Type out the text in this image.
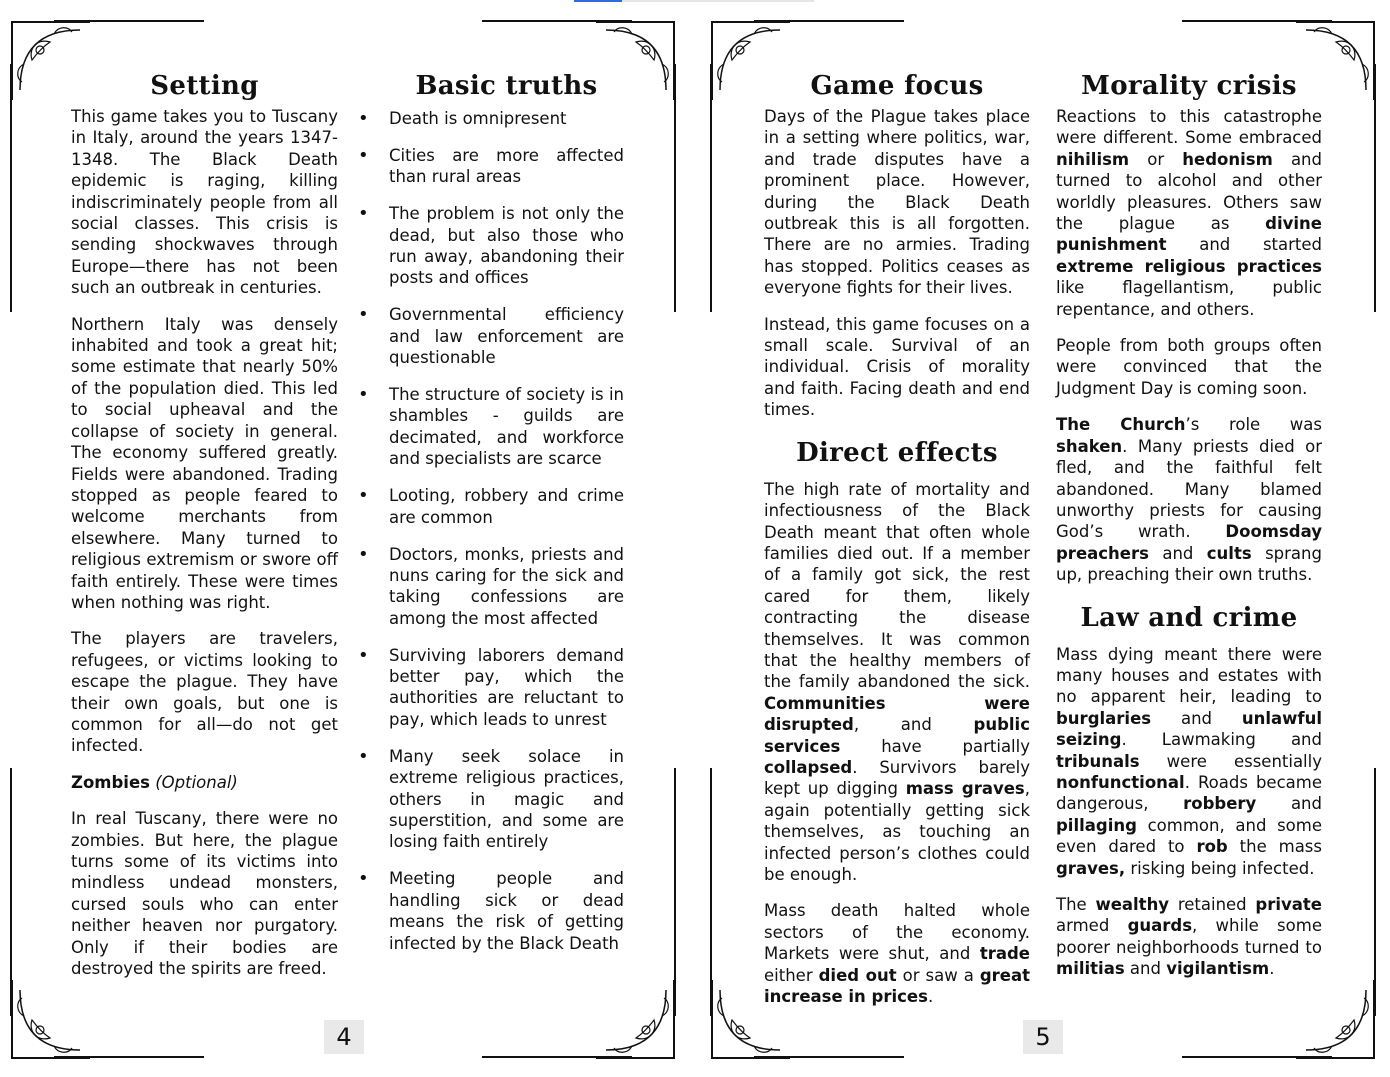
Setting

This game takes you to Tuscany in Italy, around the years 1347-1348. The Black Death epidemic is raging, killing indiscriminately people from all social classes. This crisis is sending shockwaves through Europe—there has not been such an outbreak in centuries.

Northern Italy was densely inhabited and took a great hit; some estimate that nearly 50% of the population died. This led to social upheaval and the collapse of society in general. The economy suffered greatly. Fields were abandoned. Trading stopped as people feared to welcome merchants from elsewhere. Many turned to religious extremism or swore off faith entirely. These were times when nothing was right.

The players are travelers, refugees, or victims looking to escape the plague. They have their own goals, but one is common for all—do not get infected.

Zombies (Optional)

In real Tuscany, there were no zombies. But here, the plague turns some of its victims into mindless undead monsters, cursed souls who can enter neither heaven nor purgatory. Only if their bodies are destroyed the spirits are freed.

Basic truths
• Death is omnipresent
• Cities are more affected than rural areas
• The problem is not only the dead, but also those who run away, abandoning their posts and offices
• Governmental efficiency and law enforcement are questionable
• The structure of society is in shambles - guilds are decimated, and workforce and specialists are scarce
• Looting, robbery and crime are common
• Doctors, monks, priests and nuns caring for the sick and taking confessions are among the most affected
• Surviving laborers demand better pay, which the authorities are reluctant to pay, which leads to unrest
• Many seek solace in extreme religious practices, others in magic and superstition, and some are losing faith entirely
• Meeting people and handling sick or dead means the risk of getting infected by the Black Death
4
Game focus

Days of the Plague takes place in a setting where politics, war, and trade disputes have a prominent place. However, during the Black Death outbreak this is all forgotten. There are no armies. Trading has stopped. Politics ceases as everyone fights for their lives.

Instead, this game focuses on a small scale. Survival of an individual. Crisis of morality and faith. Facing death and end times.

Direct effects

The high rate of mortality and infectiousness of the Black Death meant that often whole families died out. If a member of a family got sick, the rest cared for them, likely contracting the disease themselves. It was common that the healthy members of the family abandoned the sick. Communities were disrupted, and public services have partially collapsed. Survivors barely kept up digging mass graves, again potentially getting sick themselves, as touching an infected person’s clothes could be enough.

Mass death halted whole sectors of the economy. Markets were shut, and trade either died out or saw a great increase in prices.

Morality crisis

Reactions to this catastrophe were different. Some embraced nihilism or hedonism and turned to alcohol and other worldly pleasures. Others saw the plague as divine punishment and started extreme religious practices like flagellantism, public repentance, and others.

People from both groups often were convinced that the Judgment Day is coming soon.

The Church’s role was shaken. Many priests died or fled, and the faithful felt abandoned. Many blamed unworthy priests for causing God’s wrath. Doomsday preachers and cults sprang up, preaching their own truths.

Law and crime

Mass dying meant there were many houses and estates with no apparent heir, leading to burglaries and unlawful seizing. Lawmaking and tribunals were essentially nonfunctional. Roads became dangerous, robbery and pillaging common, and some even dared to rob the mass graves, risking being infected.

The wealthy retained private armed guards, while some poorer neighborhoods turned to militias and vigilantism.

5
